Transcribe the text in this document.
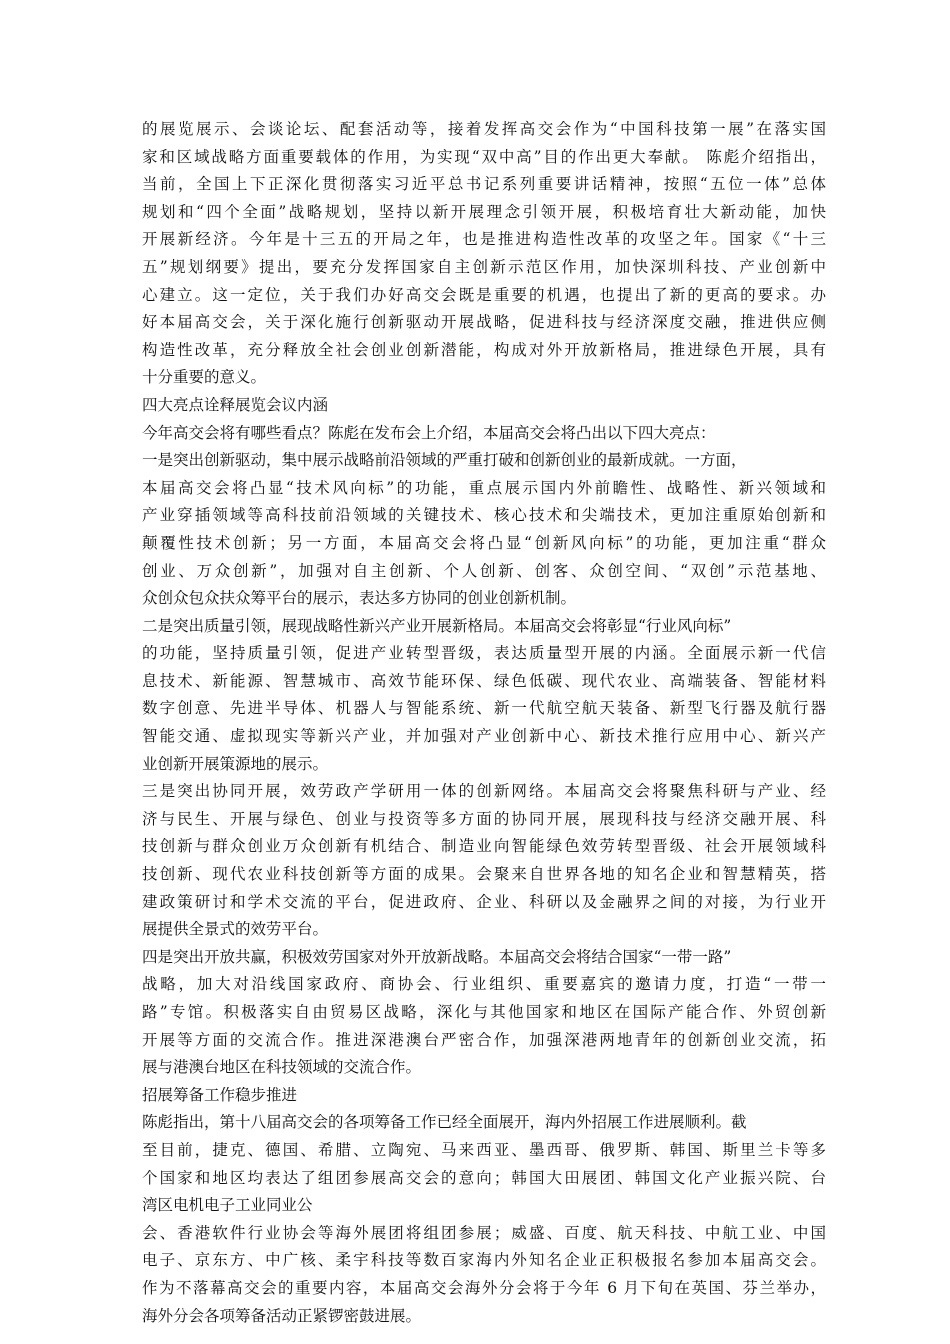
的展览展示、会谈论坛、配套活动等，接着发挥高交会作为“中国科技第一展”在落实国
家和区域战略方面重要载体的作用，为实现“双中高”目的作出更大奉献。 陈彪介绍指出，
当前，全国上下正深化贯彻落实习近平总书记系列重要讲话精神，按照“五位一体”总体
规划和“四个全面”战略规划，坚持以新开展理念引领开展，积极培育壮大新动能，加快
开展新经济。今年是十三五的开局之年，也是推进构造性改革的攻坚之年。国家《“十三
五”规划纲要》提出，要充分发挥国家自主创新示范区作用，加快深圳科技、产业创新中
心建立。这一定位，关于我们办好高交会既是重要的机遇，也提出了新的更高的要求。办
好本届高交会，关于深化施行创新驱动开展战略，促进科技与经济深度交融，推进供应侧
构造性改革，充分释放全社会创业创新潜能，构成对外开放新格局，推进绿色开展，具有
十分重要的意义。
四大亮点诠释展览会议内涵
今年高交会将有哪些看点？陈彪在发布会上介绍，本届高交会将凸出以下四大亮点：
一是突出创新驱动，集中展示战略前沿领域的严重打破和创新创业的最新成就。一方面，
本届高交会将凸显“技术风向标”的功能，重点展示国内外前瞻性、战略性、新兴领域和
产业穿插领域等高科技前沿领域的关键技术、核心技术和尖端技术，更加注重原始创新和
颠覆性技术创新；另一方面，本届高交会将凸显“创新风向标”的功能，更加注重“群众
创业、万众创新”，加强对自主创新、个人创新、创客、众创空间、“双创”示范基地、
众创众包众扶众筹平台的展示，表达多方协同的创业创新机制。
二是突出质量引领，展现战略性新兴产业开展新格局。本届高交会将彰显“行业风向标”
的功能，坚持质量引领，促进产业转型晋级，表达质量型开展的内涵。全面展示新一代信
息技术、新能源、智慧城市、高效节能环保、绿色低碳、现代农业、高端装备、智能材料
数字创意、先进半导体、机器人与智能系统、新一代航空航天装备、新型飞行器及航行器
智能交通、虚拟现实等新兴产业，并加强对产业创新中心、新技术推行应用中心、新兴产
业创新开展策源地的展示。
三是突出协同开展，效劳政产学研用一体的创新网络。本届高交会将聚焦科研与产业、经
济与民生、开展与绿色、创业与投资等多方面的协同开展，展现科技与经济交融开展、科
技创新与群众创业万众创新有机结合、制造业向智能绿色效劳转型晋级、社会开展领域科
技创新、现代农业科技创新等方面的成果。会聚来自世界各地的知名企业和智慧精英，搭
建政策研讨和学术交流的平台，促进政府、企业、科研以及金融界之间的对接，为行业开
展提供全景式的效劳平台。
四是突出开放共赢，积极效劳国家对外开放新战略。本届高交会将结合国家“一带一路”
战略，加大对沿线国家政府、商协会、行业组织、重要嘉宾的邀请力度，打造“一带一
路”专馆。积极落实自由贸易区战略，深化与其他国家和地区在国际产能合作、外贸创新
开展等方面的交流合作。推进深港澳台严密合作，加强深港两地青年的创新创业交流，拓
展与港澳台地区在科技领域的交流合作。
招展筹备工作稳步推进
陈彪指出，第十八届高交会的各项筹备工作已经全面展开，海内外招展工作进展顺利。截
至目前，捷克、德国、希腊、立陶宛、马来西亚、墨西哥、俄罗斯、韩国、斯里兰卡等多
个国家和地区均表达了组团参展高交会的意向；韩国大田展团、韩国文化产业振兴院、台
湾区电机电子工业同业公
会、香港软件行业协会等海外展团将组团参展；威盛、百度、航天科技、中航工业、中国
电子、京东方、中广核、柔宇科技等数百家海内外知名企业正积极报名参加本届高交会。
作为不落幕高交会的重要内容，本届高交会海外分会将于今年 6 月下旬在英国、芬兰举办，
海外分会各项筹备活动正紧锣密鼓进展。
